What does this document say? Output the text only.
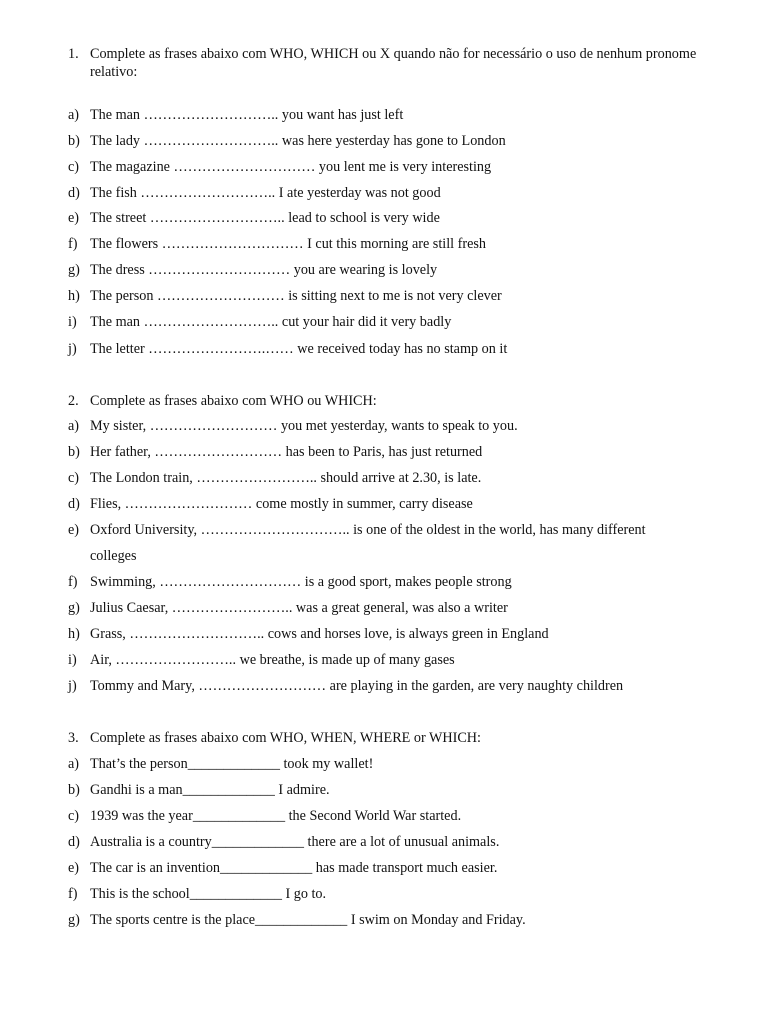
1. Complete as frases abaixo com WHO, WHICH ou X quando não for necessário o uso de nenhum pronome relativo:
a) The man ……………………….. you want has just left
b) The lady ……………………….. was here yesterday has gone to London
c) The magazine ………………………… you lent me is very interesting
d) The fish ……………………….. I ate yesterday was not good
e) The street ……………………….. lead to school is very wide
f) The flowers ………………………… I cut this morning are still fresh
g) The dress ………………………… you are wearing is lovely
h) The person ……………………… is sitting next to me is not very clever
i) The man ……………………….. cut your hair did it very badly
j) The letter …………………….…… we received today has no stamp on it
2. Complete as frases abaixo com WHO ou WHICH:
a) My sister, ……………………… you met yesterday, wants to speak to you.
b) Her father, ……………………… has been to Paris, has just returned
c) The London train, …………………….. should arrive at 2.30, is late.
d) Flies, ……………………… come mostly in summer, carry disease
e) Oxford University, ………………………….. is one of the oldest in the world, has many different
colleges
f) Swimming, ………………………… is a good sport, makes people strong
g) Julius Caesar, …………………….. was a great general, was also a writer
h) Grass, ……………………….. cows and horses love, is always green in England
i) Air, …………………….. we breathe, is made up of many gases
j) Tommy and Mary, ……………………… are playing in the garden, are very naughty children
3. Complete as frases abaixo com WHO, WHEN, WHERE or WHICH:
a) That’s the person_____________ took my wallet!
b) Gandhi is a man_____________ I admire.
c) 1939 was the year_____________ the Second World War started.
d) Australia is a country_____________ there are a lot of unusual animals.
e) The car is an invention_____________ has made transport much easier.
f) This is the school_____________ I go to.
g) The sports centre is the place_____________ I swim on Monday and Friday.
